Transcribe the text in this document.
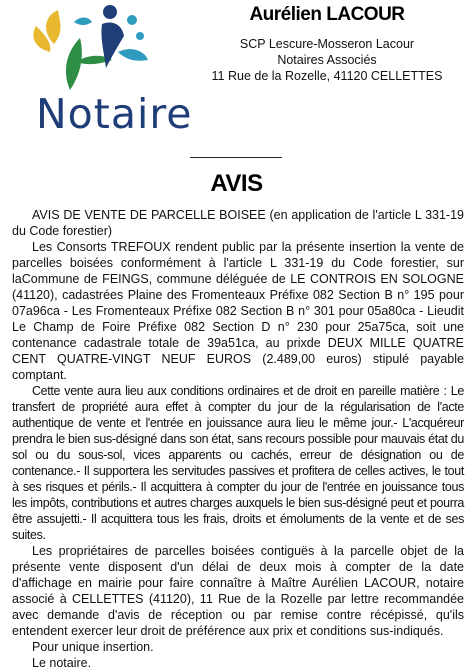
Notaire
Aurélien LACOUR
SCP Lescure-Mosseron Lacour
Notaires Associés
11 Rue de la Rozelle, 41120 CELLETTES
AVIS

AVIS DE VENTE DE PARCELLE BOISEE (en application de l'article L 331-19 du Code forestier)

Les Consorts TREFOUX rendent public par la présente insertion la vente de parcelles boisées conformément à l'article L 331-19 du Code forestier, sur laCommune de FEINGS, commune déléguée de LE CONTROIS EN SOLOGNE (41120), cadastrées Plaine des Fromenteaux Préfixe 082 Section B n° 195 pour 07a96ca - Les Fromenteaux Préfixe 082 Section B n° 301 pour 05a80ca - Lieudit Le Champ de Foire Préfixe 082 Section D n° 230 pour 25a75ca, soit une contenance cadastrale totale de 39a51ca, au prixde DEUX MILLE QUATRE CENT QUATRE-VINGT NEUF EUROS (2.489,00 euros) stipulé payable comptant.

Cette vente aura lieu aux conditions ordinaires et de droit en pareille matière : Le transfert de propriété aura effet à compter du jour de la régularisation de l'acte authentique de vente et l'entrée en jouissance aura lieu le même jour.- L'acquéreur prendra le bien sus-désigné dans son état, sans recours possible pour mauvais état du sol ou du sous-sol, vices apparents ou cachés, erreur de désignation ou de contenance.- Il supportera les servitudes passives et profitera de celles actives, le tout à ses risques et périls.- Il acquittera à compter du jour de l'entrée en jouissance tous les impôts, contributions et autres charges auxquels le bien sus-désigné peut et pourra être assujetti.- Il acquittera tous les frais, droits et émoluments de la vente et de ses suites.

Les propriétaires de parcelles boisées contiguës à la parcelle objet de la présente vente disposent d'un délai de deux mois à compter de la date d'affichage en mairie pour faire connaître à Maître Aurélien LACOUR, notaire associé à CELLETTES (41120), 11 Rue de la Rozelle par lettre recommandée avec demande d'avis de réception ou par remise contre récépissé, qu'ils entendent exercer leur droit de préférence aux prix et conditions sus-indiqués.

Pour unique insertion.

Le notaire.
